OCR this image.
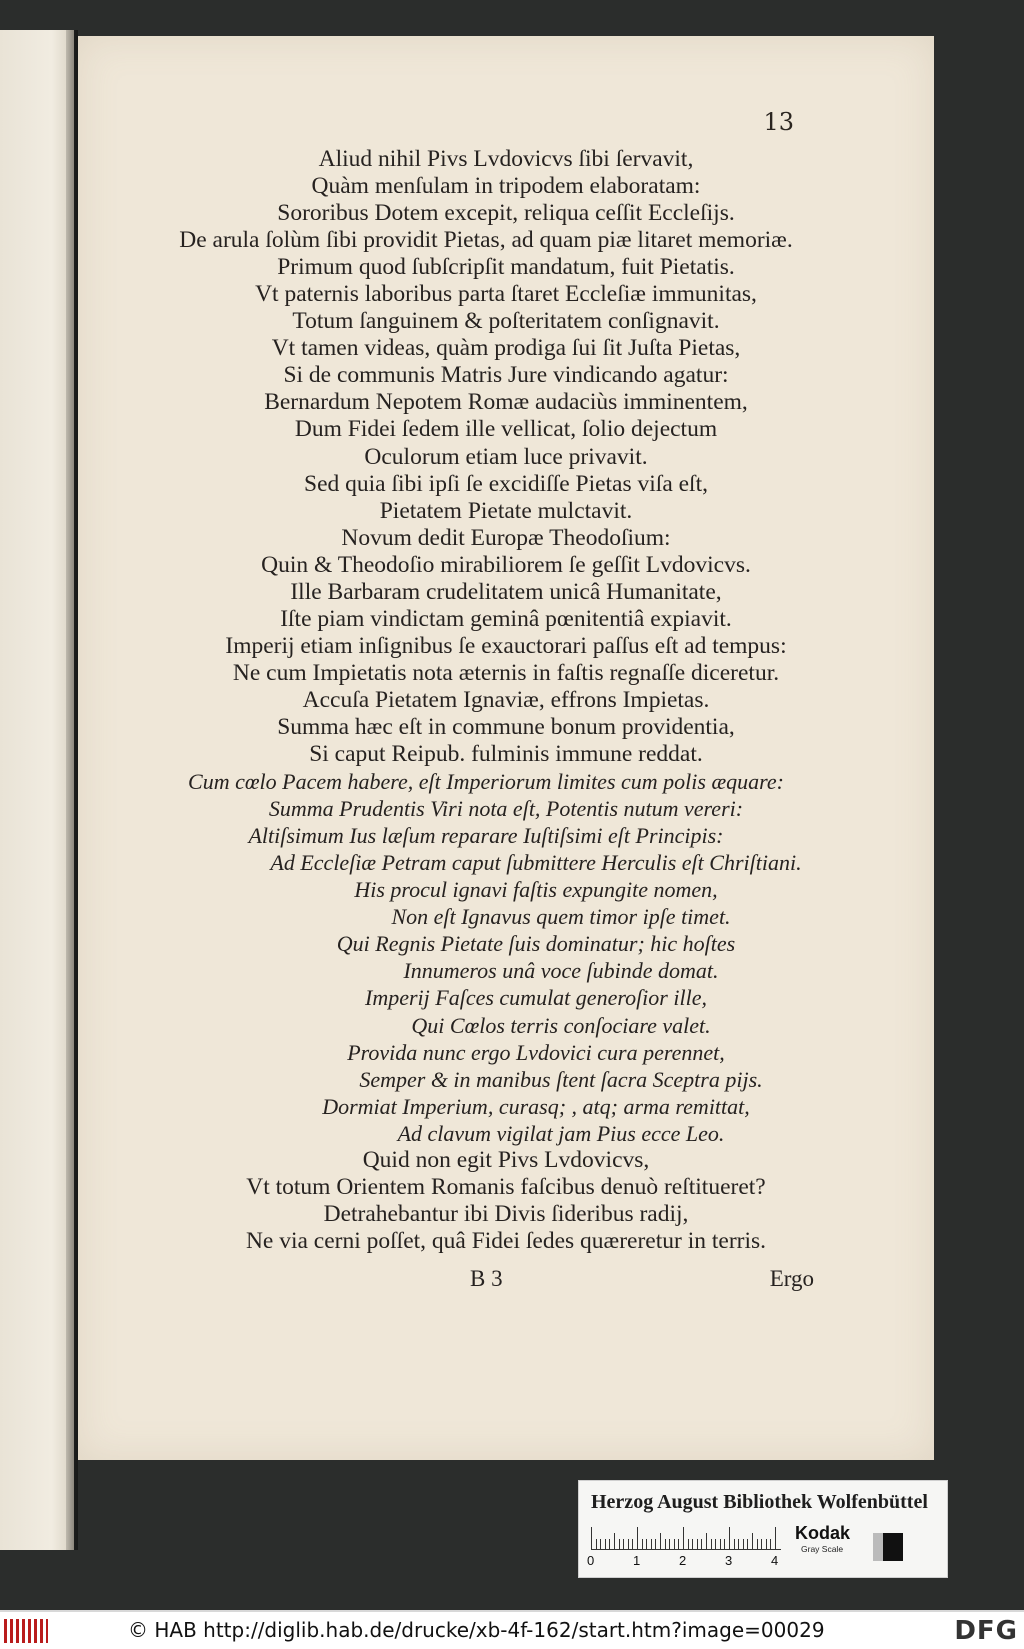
13
Aliud nihil Pivs Lvdovicvs ſibi ſervavit,
Quàm menſulam in tripodem elaboratam:
Sororibus Dotem excepit, reliqua ceſſit Eccleſijs.
De arula ſolùm ſibi providit Pietas, ad quam piæ litaret memoriæ.
Primum quod ſubſcripſit mandatum, fuit Pietatis.
Vt paternis laboribus parta ſtaret Eccleſiæ immunitas,
Totum ſanguinem & poſteritatem conſignavit.
Vt tamen videas, quàm prodiga ſui ſit Juſta Pietas,
Si de communis Matris Jure vindicando agatur:
Bernardum Nepotem Romæ audaciùs imminentem,
Dum Fidei ſedem ille vellicat, ſolio dejectum
Oculorum etiam luce privavit.
Sed quia ſibi ipſi ſe excidiſſe Pietas viſa eſt,
Pietatem Pietate mulctavit.
Novum dedit Europæ Theodoſium:
Quin & Theodoſio mirabiliorem ſe geſſit Lvdovicvs.
Ille Barbaram crudelitatem unicâ Humanitate,
Iſte piam vindictam geminâ pœnitentiâ expiavit.
Imperij etiam inſignibus ſe exauctorari paſſus eſt ad tempus:
Ne cum Impietatis nota æternis in faſtis regnaſſe diceretur.
Accuſa Pietatem Ignaviæ, effrons Impietas.
Summa hæc eſt in commune bonum providentia,
Si caput Reipub. fulminis immune reddat.
Cum cœlo Pacem habere, eſt Imperiorum limites cum polis æquare:
Summa Prudentis Viri nota eſt, Potentis nutum vereri:
Altiſsimum Ius læſum reparare Iuſtiſsimi eſt Principis:
Ad Eccleſiæ Petram caput ſubmittere Herculis eſt Chriſtiani.
His procul ignavi faſtis expungite nomen,
Non eſt Ignavus quem timor ipſe timet.
Qui Regnis Pietate ſuis dominatur; hic hoſtes
Innumeros unâ voce ſubinde domat.
Imperij Faſces cumulat generoſior ille,
Qui Cœlos terris conſociare valet.
Provida nunc ergo Lvdovici cura perennet,
Semper & in manibus ſtent ſacra Sceptra pijs.
Dormiat Imperium, curasq; , atq; arma remittat,
Ad clavum vigilat jam Pius ecce Leo.
Quid non egit Pivs Lvdovicvs,
Vt totum Orientem Romanis faſcibus denuò reſtitueret?
Detrahebantur ibi Divis ſideribus radij,
Ne via cerni poſſet, quâ Fidei ſedes quæreretur in terris.
B 3	Ergo
Herzog August Bibliothek Wolfenbüttel
0	1	2	3	4
Kodak
Gray Scale
© HAB http://diglib.hab.de/drucke/xb-4f-162/start.htm?image=00029	DFG
